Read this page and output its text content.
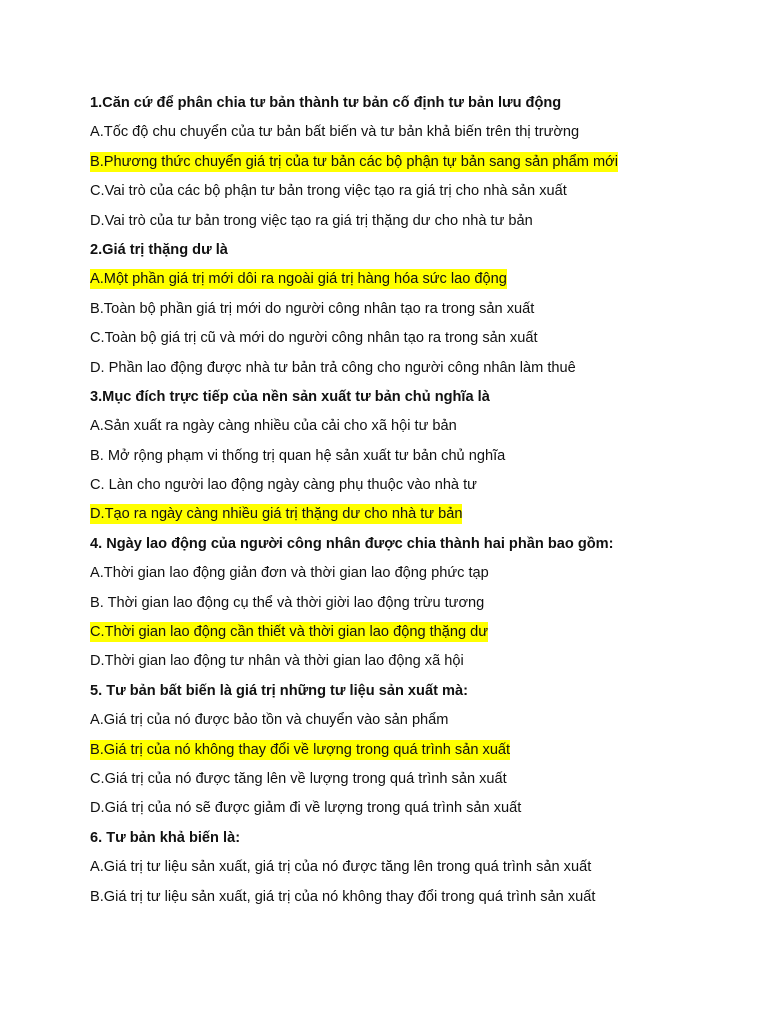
1.Căn cứ để phân chia tư bản thành tư bản cố định tư bản lưu động
A.Tốc độ chu chuyển của tư bản bất biến và tư bản khả biến trên thị trường
B.Phương thức chuyển giá trị của tư bản các bộ phận tự bản sang sản phẩm mới
C.Vai trò của các bộ phận tư bản trong việc tạo ra giá trị cho nhà sản xuất
D.Vai trò của tư bản trong việc tạo ra giá trị thặng dư cho nhà tư bản
2.Giá trị thặng dư là
A.Một phần giá trị mới dôi ra ngoài giá trị hàng hóa sức lao động
B.Toàn bộ phần giá trị mới do người công nhân tạo ra trong sản xuất
C.Toàn bộ giá trị cũ và mới do người công nhân tạo ra trong sản xuất
D. Phần lao động được nhà tư bản trả công cho người công nhân làm thuê
3.Mục đích trực tiếp của nền sản xuất tư bản chủ nghĩa là
A.Sản xuất ra ngày càng nhiều của cải cho xã hội tư bản
B. Mở rộng phạm vi thống trị quan hệ sản xuất tư bản chủ nghĩa
C. Làn cho người lao động ngày càng phụ thuộc vào nhà tư
D.Tạo ra ngày càng nhiều giá trị thặng dư cho nhà tư bản
4. Ngày lao động của người công nhân được chia thành hai phần bao gồm:
A.Thời gian lao động giản đơn và thời gian lao động phức tạp
B. Thời gian lao động cụ thể và thời giời lao động trừu tương
C.Thời gian lao động cần thiết và thời gian lao động thặng dư
D.Thời gian lao động tư nhân và thời gian lao động xã hội
5. Tư bản bất biến là giá trị những tư liệu sản xuất mà:
A.Giá trị của nó được bảo tồn và chuyển vào sản phẩm
B.Giá trị của nó không thay đổi về lượng trong quá trình sản xuất
C.Giá trị của nó được tăng lên về lượng trong quá trình sản xuất
D.Giá trị của nó sẽ được giảm đi về lượng trong quá trình sản xuất
6. Tư bản khả biến là:
A.Giá trị tư liệu sản xuất, giá trị của nó được tăng lên trong quá trình sản xuất
B.Giá trị tư liệu sản xuất, giá trị của nó không thay đổi trong quá trình sản xuất
